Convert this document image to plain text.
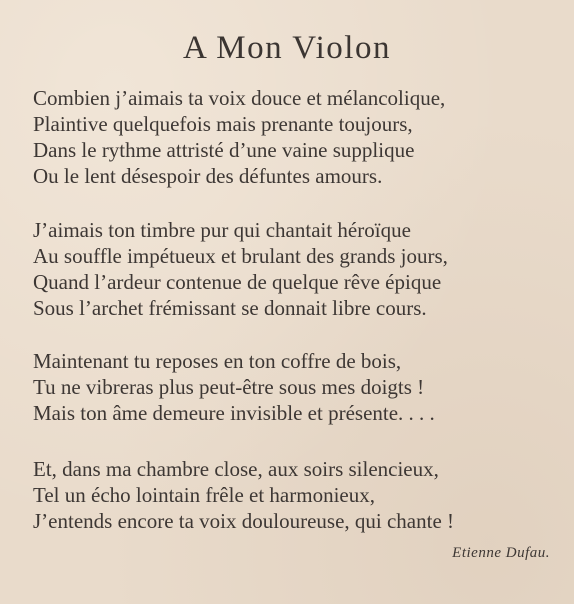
A Mon Violon
Combien j’aimais ta voix douce et mélancolique,
Plaintive quelquefois mais prenante toujours,
Dans le rythme attristé d’une vaine supplique
Ou le lent désespoir des défuntes amours.
J’aimais ton timbre pur qui chantait héroïque
Au souffle impétueux et brulant des grands jours,
Quand l’ardeur contenue de quelque rêve épique
Sous l’archet frémissant se donnait libre cours.
Maintenant tu reposes en ton coffre de bois,
Tu ne vibreras plus peut-être sous mes doigts !
Mais ton âme demeure invisible et présente. . . .
Et, dans ma chambre close, aux soirs silencieux,
Tel un écho lointain frêle et harmonieux,
J’entends encore ta voix douloureuse, qui chante !
Etienne Dufau.
